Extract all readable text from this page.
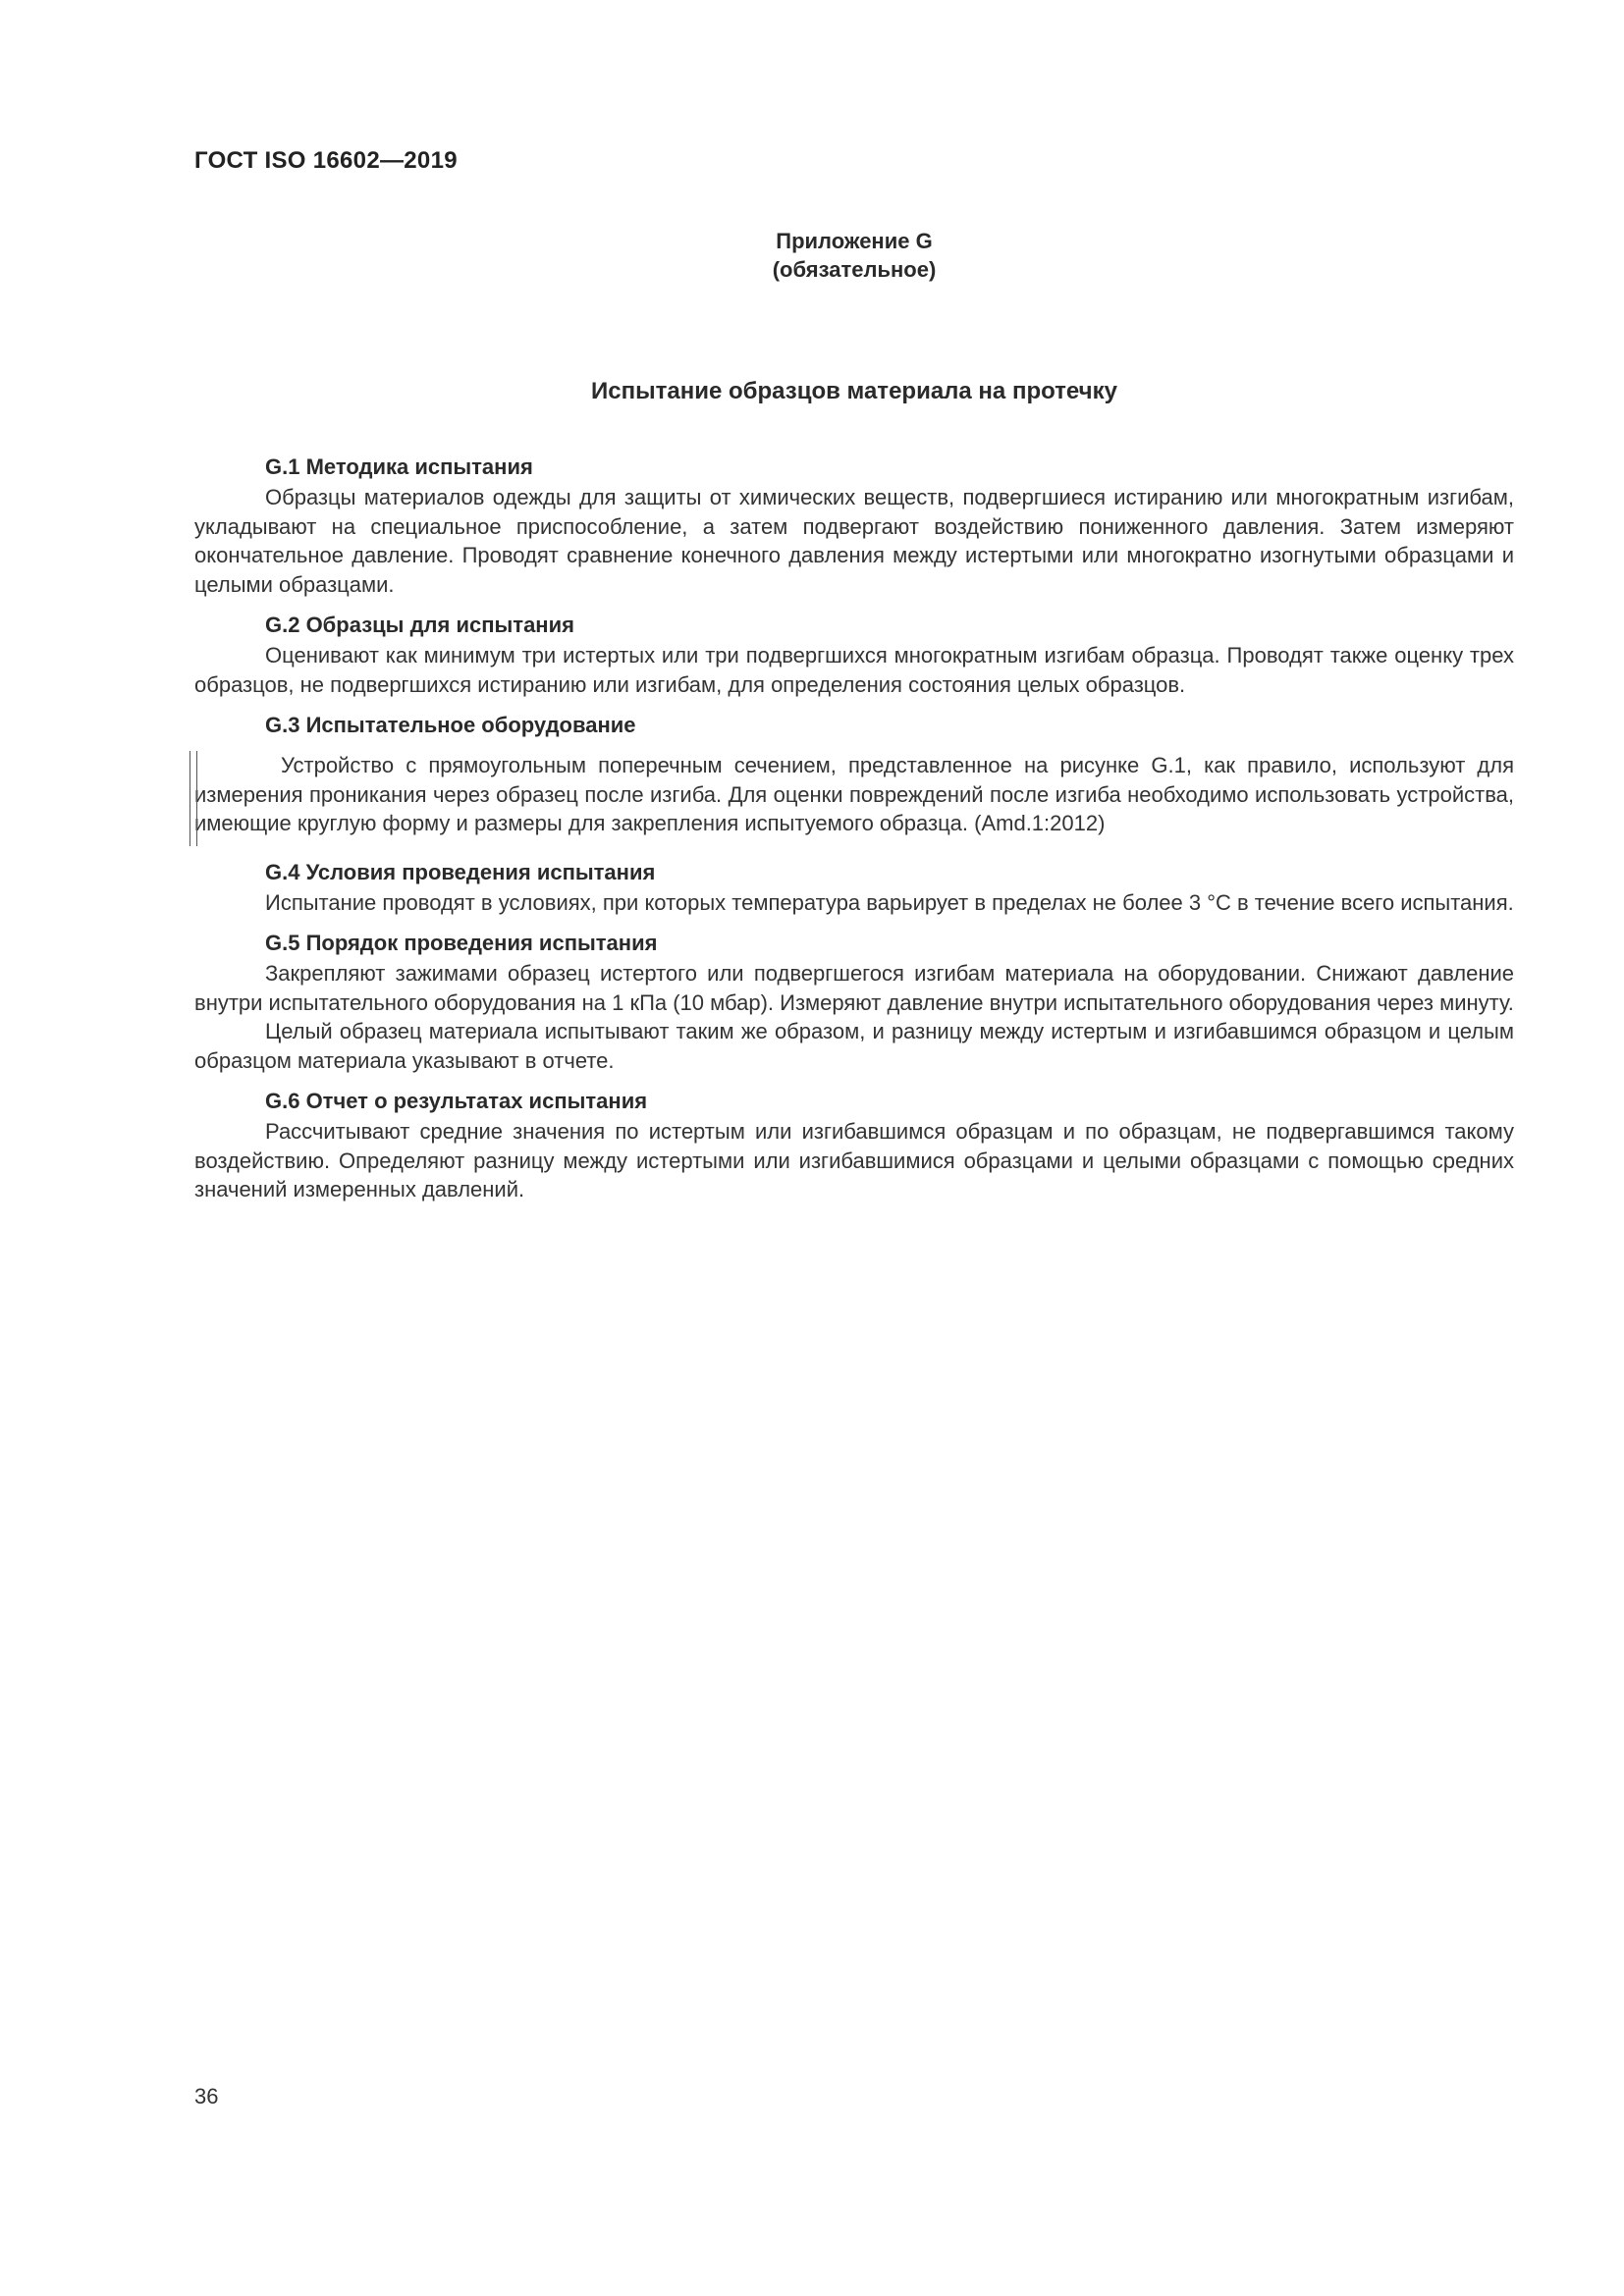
ГОСТ ISO 16602—2019
Приложение G
(обязательное)
Испытание образцов материала на протечку
G.1 Методика испытания

Образцы материалов одежды для защиты от химических веществ, подвергшиеся истиранию или многократным изгибам, укладывают на специальное приспособление, а затем подвергают воздействию пониженного давления. Затем измеряют окончательное давление. Проводят сравнение конечного давления между истертыми или многократно изогнутыми образцами и целыми образцами.

G.2 Образцы для испытания

Оценивают как минимум три истертых или три подвергшихся многократным изгибам образца. Проводят также оценку трех образцов, не подвергшихся истиранию или изгибам, для определения состояния целых образцов.

G.3 Испытательное оборудование

Устройство с прямоугольным поперечным сечением, представленное на рисунке G.1, как правило, используют для измерения проникания через образец после изгиба. Для оценки повреждений после изгиба необходимо использовать устройства, имеющие круглую форму и размеры для закрепления испытуемого образца. (Amd.1:2012)

G.4 Условия проведения испытания

Испытание проводят в условиях, при которых температура варьирует в пределах не более 3 °С в течение всего испытания.

G.5 Порядок проведения испытания

Закрепляют зажимами образец истертого или подвергшегося изгибам материала на оборудовании. Снижают давление внутри испытательного оборудования на 1 кПа (10 мбар). Измеряют давление внутри испытательного оборудования через минуту.

Целый образец материала испытывают таким же образом, и разницу между истертым и изгибавшимся образцом и целым образцом материала указывают в отчете.

G.6 Отчет о результатах испытания

Рассчитывают средние значения по истертым или изгибавшимся образцам и по образцам, не подвергавшимся такому воздействию. Определяют разницу между истертыми или изгибавшимися образцами и целыми образцами с помощью средних значений измеренных давлений.

36
